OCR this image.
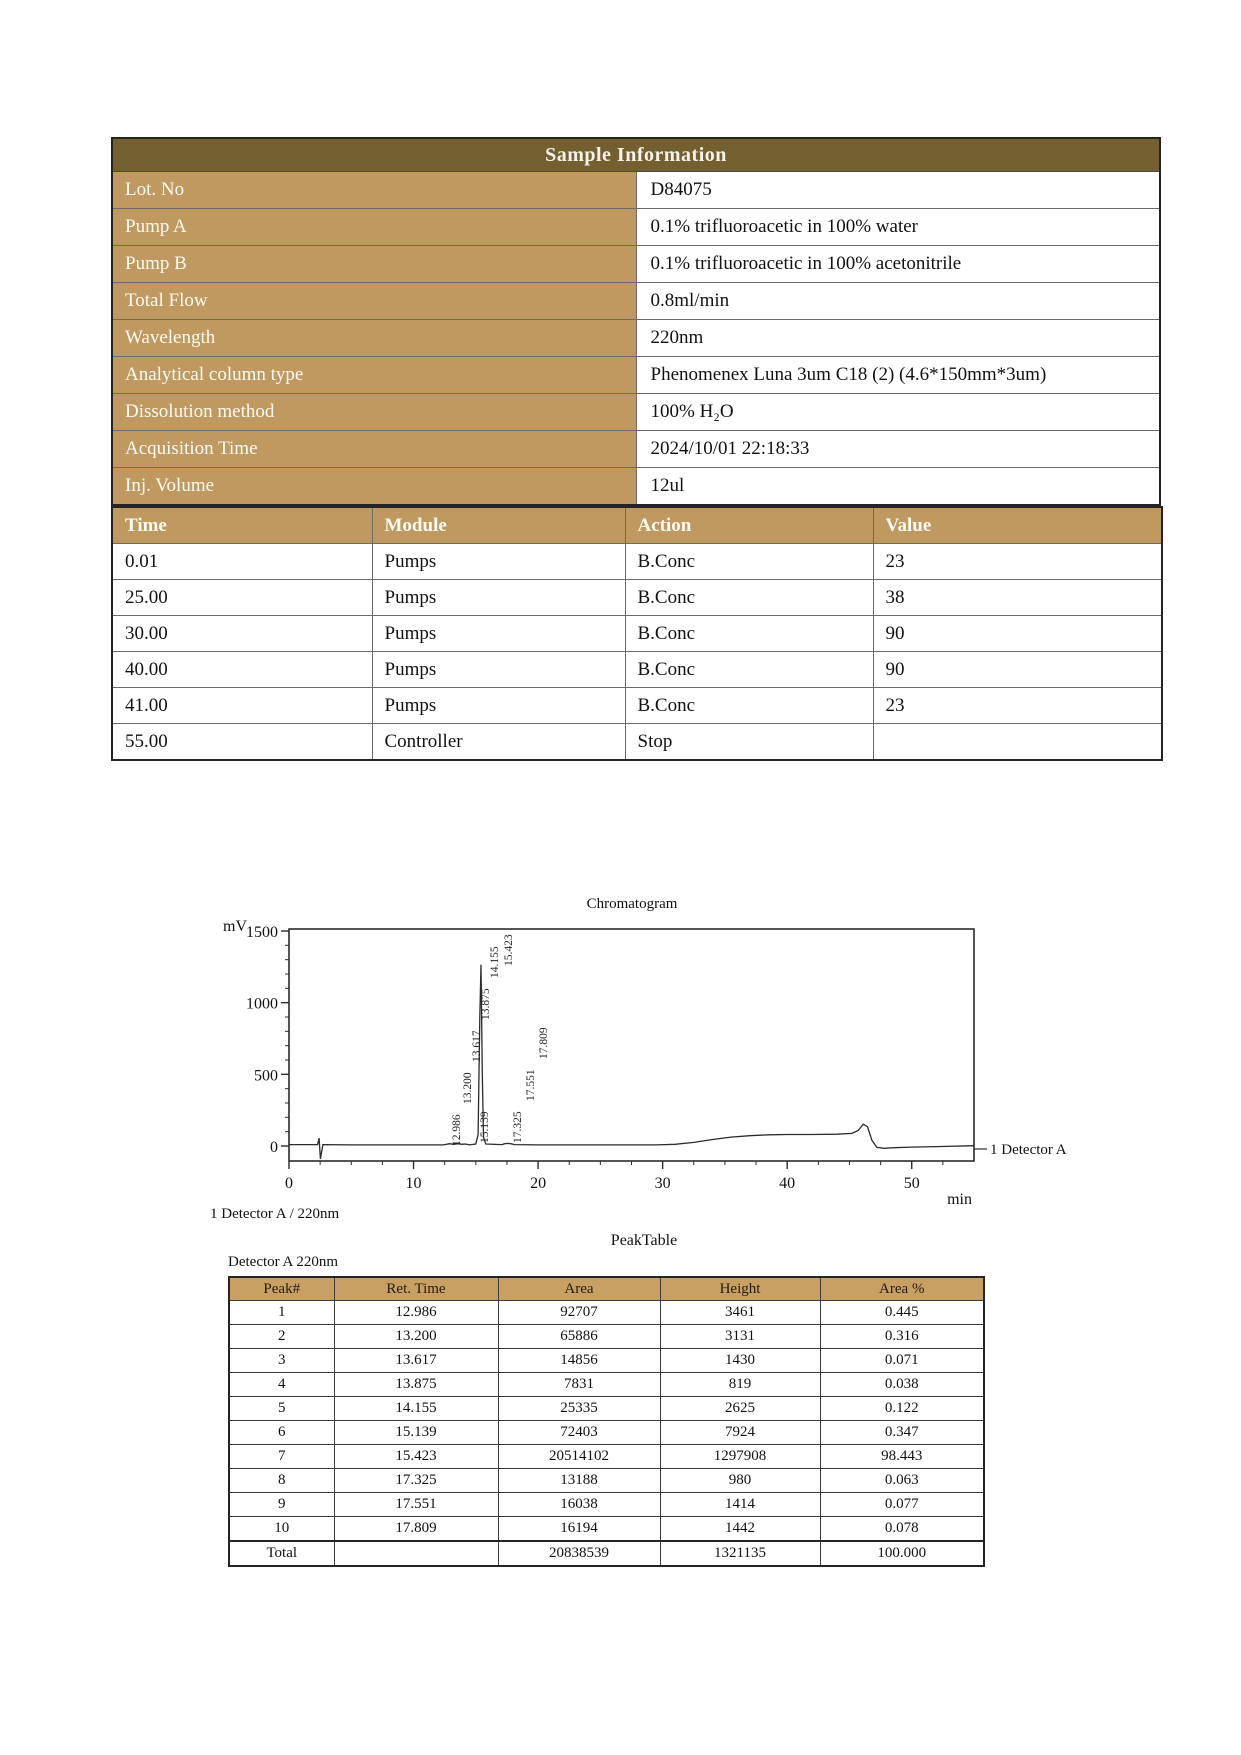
Sample Information	
Lot. No	D84075
Pump A	0.1% trifluoroacetic in 100% water
Pump B	0.1% trifluoroacetic in 100% acetonitrile
Total Flow	0.8ml/min
Wavelength	220nm
Analytical column type	Phenomenex Luna 3um C18 (2) (4.6*150mm*3um)
Dissolution method	100% H₂O
Acquisition Time	2024/10/01 22:18:33
Inj. Volume	12ul
Time	Module	Action	Value
0.01	Pumps	B.Conc	23
25.00	Pumps	B.Conc	38
30.00	Pumps	B.Conc	90
40.00	Pumps	B.Conc	90
41.00	Pumps	B.Conc	23
55.00	Controller	Stop	
Chromatogram
mV
min
0
500
1000
1500
0	10	20	30	40	50
12.986
13.200
13.617
13.875
14.155 15.423
15.139 17.325
17.551
17.809
1 Detector A
1 Detector A / 220nm
PeakTable
Detector A 220nm
Peak#	Ret. Time	Area	Height	Area %
1	12.986	92707	3461	0.445
2	13.200	65886	3131	0.316
3	13.617	14856	1430	0.071
4	13.875	7831	819	0.038
5	14.155	25335	2625	0.122
6	15.139	72403	7924	0.347
7	15.423	20514102	1297908	98.443
8	17.325	13188	980	0.063
9	17.551	16038	1414	0.077
10	17.809	16194	1442	0.078
Total		20838539	1321135	100.000
